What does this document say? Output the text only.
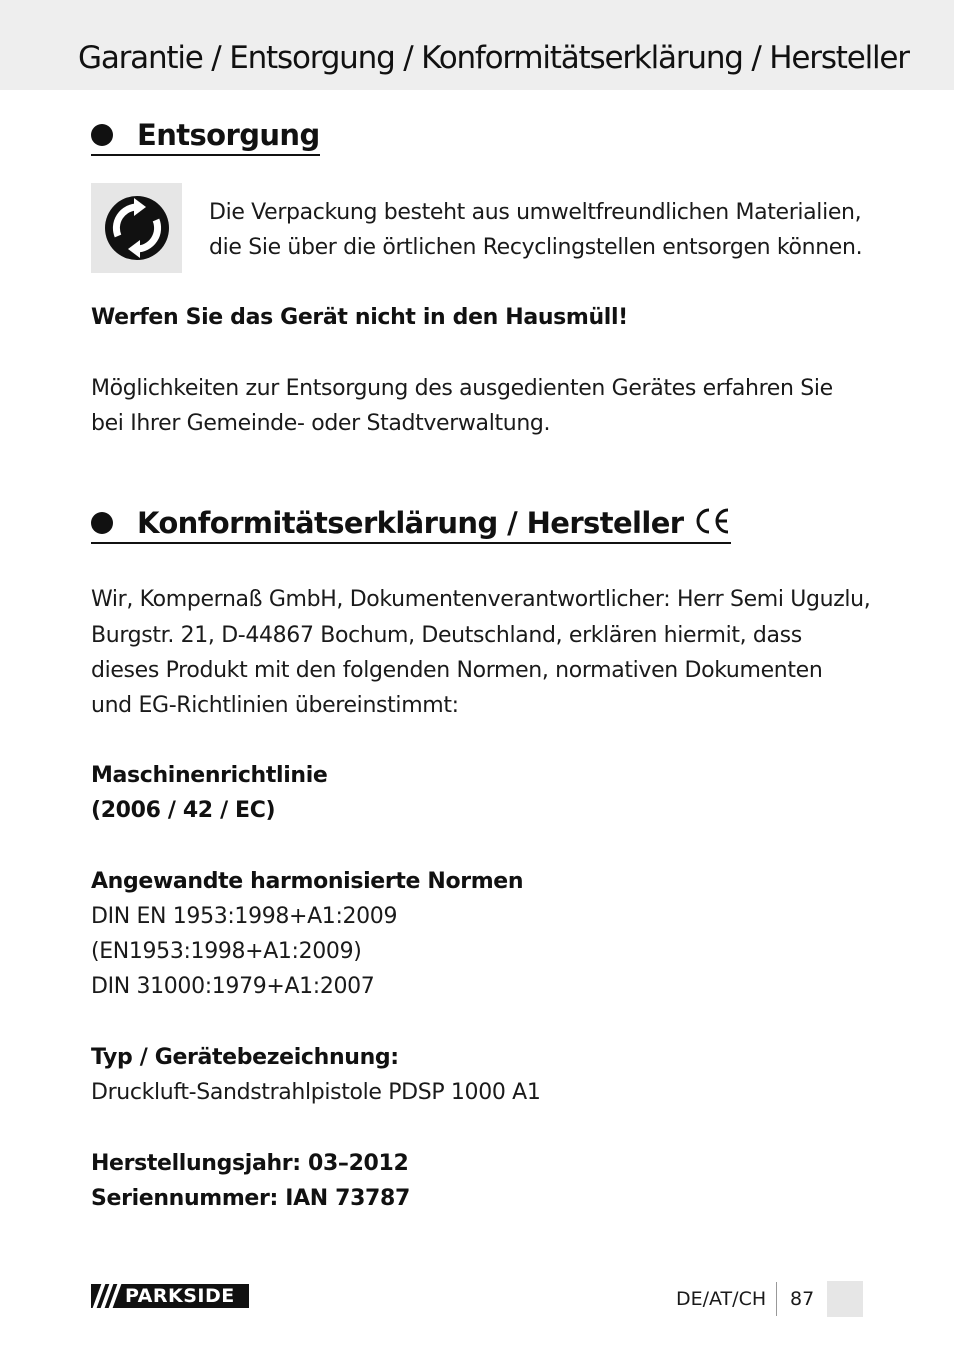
Garantie / Entsorgung / Konformitätserklärung / Hersteller
Entsorgung
Die Verpackung besteht aus umweltfreundlichen Materialien,
die Sie über die örtlichen Recyclingstellen entsorgen können.
Werfen Sie das Gerät nicht in den Hausmüll!
Möglichkeiten zur Entsorgung des ausgedienten Gerätes erfahren Sie
bei Ihrer Gemeinde- oder Stadtverwaltung.
Konformitätserklärung / Hersteller
Wir, Kompernaß GmbH, Dokumentenverantwortlicher: Herr Semi Uguzlu,
Burgstr. 21, D-44867 Bochum, Deutschland, erklären hiermit, dass
dieses Produkt mit den folgenden Normen, normativen Dokumenten
und EG-Richtlinien übereinstimmt:
Maschinenrichtlinie
(2006 / 42 / EC)
Angewandte harmonisierte Normen
DIN EN 1953:1998+A1:2009
(EN1953:1998+A1:2009)
DIN 31000:1979+A1:2007
Typ / Gerätebezeichnung:
Druckluft-Sandstrahlpistole PDSP 1000 A1
Herstellungsjahr: 03–2012
Seriennummer: IAN 73787
PARKSIDE	DE/AT/CH 87
